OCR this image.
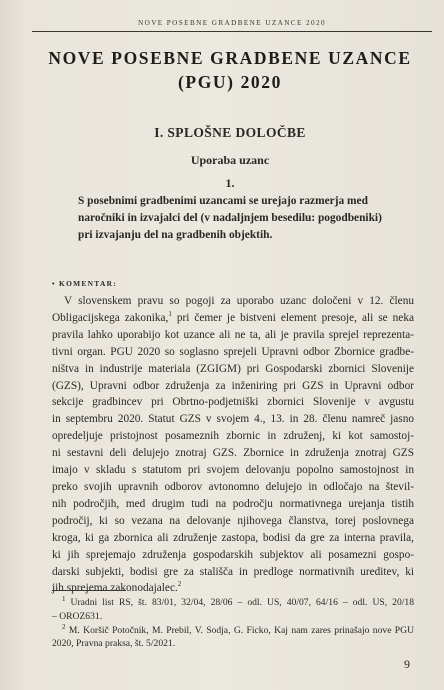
NOVE POSEBNE GRADBENE UZANCE 2020
NOVE POSEBNE GRADBENE UZANCE
(PGU) 2020
I. SPLOŠNE DOLOČBE
Uporaba uzanc
1.
S posebnimi gradbenimi uzancami se urejajo razmerja med
naročniki in izvajalci del (v nadaljnjem besedilu: pogodbeniki)
pri izvajanju del na gradbenih objektih.
• KOMENTAR:
V slovenskem pravu so pogoji za uporabo uzanc določeni v 12. členu
Obligacijskega zakonika,$^1$ pri čemer je bistveni element presoje, ali se neka
pravila lahko uporabijo kot uzance ali ne ta, ali je pravila sprejel reprezenta-
tivni organ. PGU 2020 so soglasno sprejeli Upravni odbor Zbornice gradbe-
ništva in industrije materiala (ZGIGM) pri Gospodarski zbornici Slovenije
(GZS), Upravni odbor združenja za inženiring pri GZS in Upravni odbor
sekcije gradbincev pri Obrtno-podjetniški zbornici Slovenije v avgustu
in septembru 2020. Statut GZS v svojem 4., 13. in 28. členu namreč jasno
opredeljuje pristojnost posameznih zbornic in združenj, ki kot samostoj-
ni sestavni deli delujejo znotraj GZS. Zbornice in združenja znotraj GZS
imajo v skladu s statutom pri svojem delovanju popolno samostojnost in
preko svojih upravnih odborov avtonomno delujejo in odločajo na števil-
nih področjih, med drugim tudi na področju normativnega urejanja tistih
področij, ki so vezana na delovanje njihovega članstva, torej poslovnega
kroga, ki ga zbornica ali združenje zastopa, bodisi da gre za interna pravila,
ki jih sprejemajo združenja gospodarskih subjektov ali posamezni gospo-
darski subjekti, bodisi gre za stališča in predloge normativnih ureditev, ki
jih sprejema zakonodajalec.$^2$
$^1$ Uradni list RS, št. 83/01, 32/04, 28/06 – odl. US, 40/07, 64/16 – odl. US, 20/18
– OROZ631.
$^2$ M. Koršič Potočnik, M. Prebil, V. Sodja, G. Ficko, Kaj nam zares prinašajo nove PGU
2020, Pravna praksa, št. 5/2021.
9
